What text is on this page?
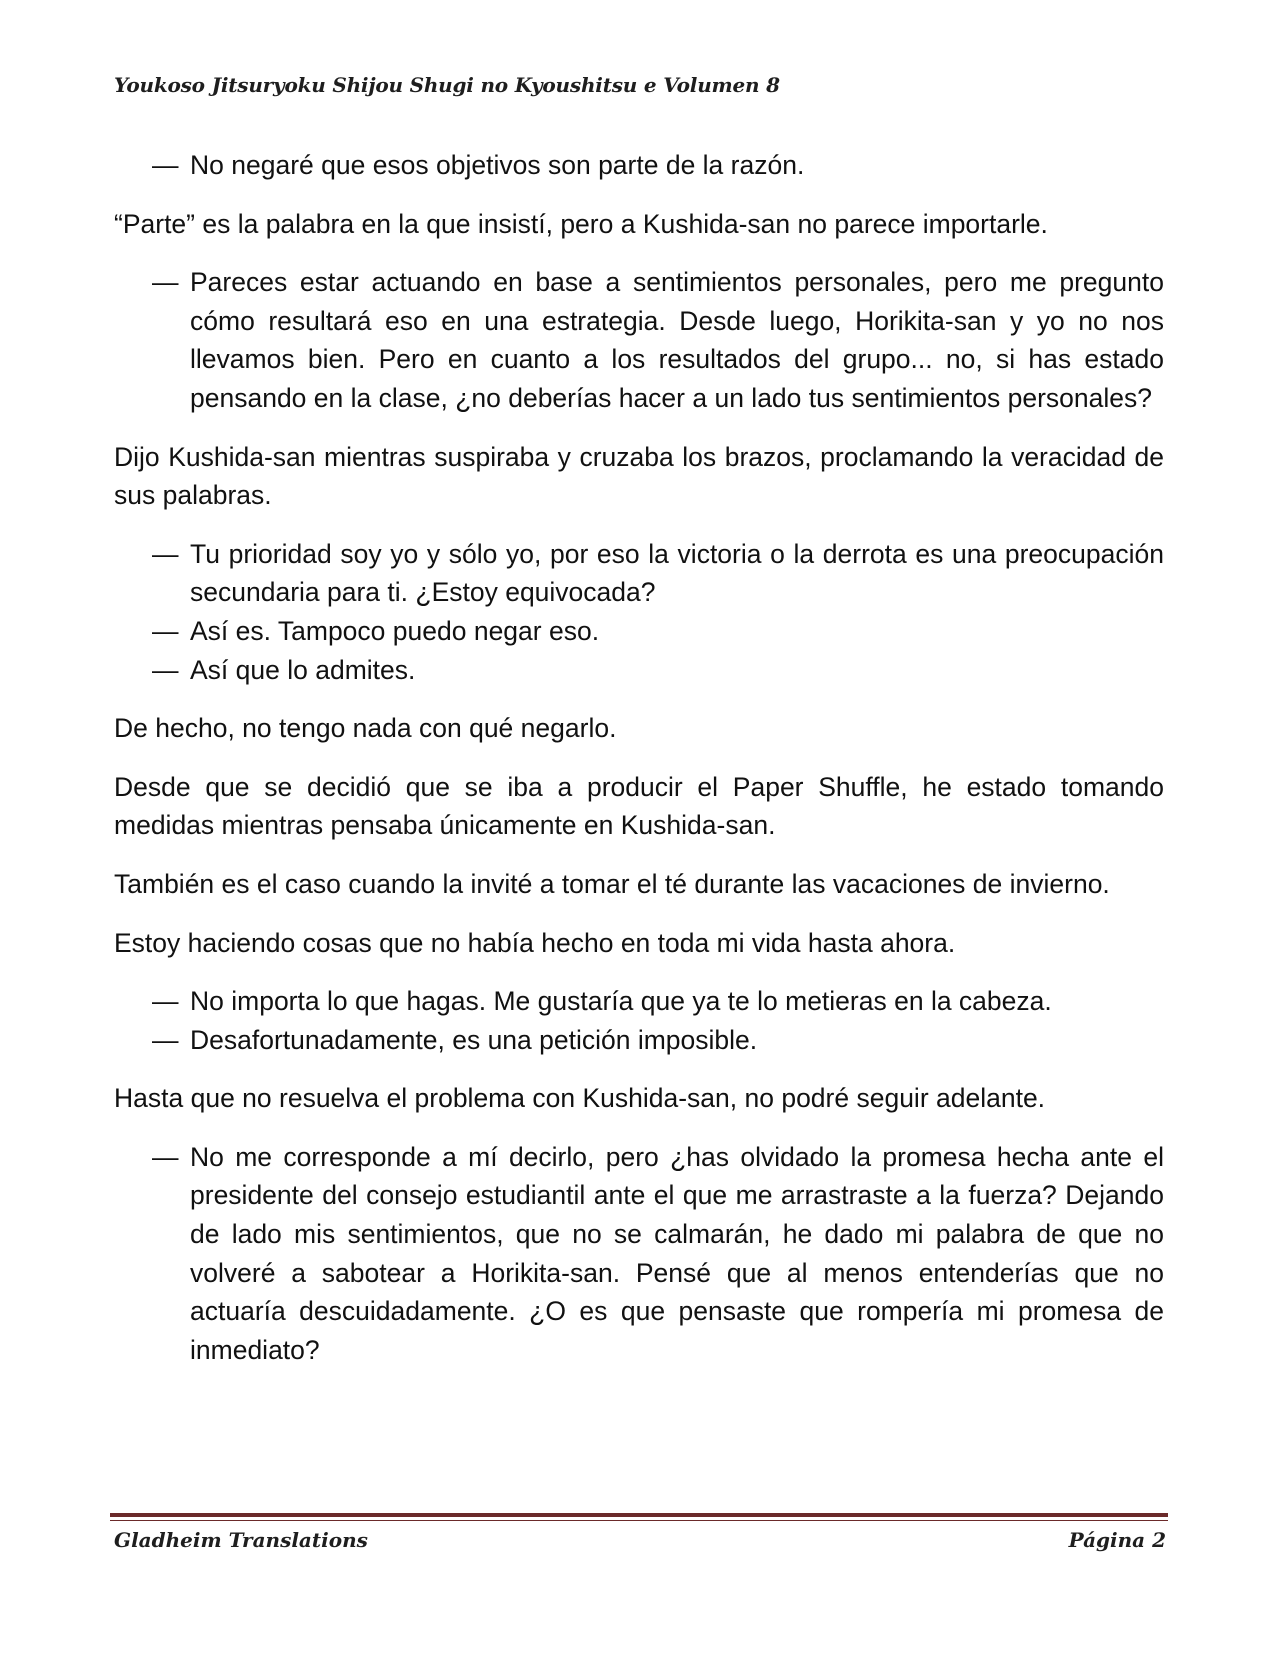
Youkoso Jitsuryoku Shijou Shugi no Kyoushitsu e Volumen 8

— No negaré que esos objetivos son parte de la razón.

“Parte” es la palabra en la que insistí, pero a Kushida-san no parece importarle.

— Pareces estar actuando en base a sentimientos personales, pero me pregunto cómo resultará eso en una estrategia. Desde luego, Horikita-san y yo no nos llevamos bien. Pero en cuanto a los resultados del grupo... no, si has estado pensando en la clase, ¿no deberías hacer a un lado tus sentimientos personales?

Dijo Kushida-san mientras suspiraba y cruzaba los brazos, proclamando la veracidad de sus palabras.

— Tu prioridad soy yo y sólo yo, por eso la victoria o la derrota es una preocupación secundaria para ti. ¿Estoy equivocada?

— Así es. Tampoco puedo negar eso.

— Así que lo admites.

De hecho, no tengo nada con qué negarlo.

Desde que se decidió que se iba a producir el Paper Shuffle, he estado tomando medidas mientras pensaba únicamente en Kushida-san.

También es el caso cuando la invité a tomar el té durante las vacaciones de invierno.

Estoy haciendo cosas que no había hecho en toda mi vida hasta ahora.

— No importa lo que hagas. Me gustaría que ya te lo metieras en la cabeza.

— Desafortunadamente, es una petición imposible.

Hasta que no resuelva el problema con Kushida-san, no podré seguir adelante.

— No me corresponde a mí decirlo, pero ¿has olvidado la promesa hecha ante el presidente del consejo estudiantil ante el que me arrastraste a la fuerza? Dejando de lado mis sentimientos, que no se calmarán, he dado mi palabra de que no volveré a sabotear a Horikita-san. Pensé que al menos entenderías que no actuaría descuidadamente. ¿O es que pensaste que rompería mi promesa de inmediato?

Gladheim Translations	Página 2
